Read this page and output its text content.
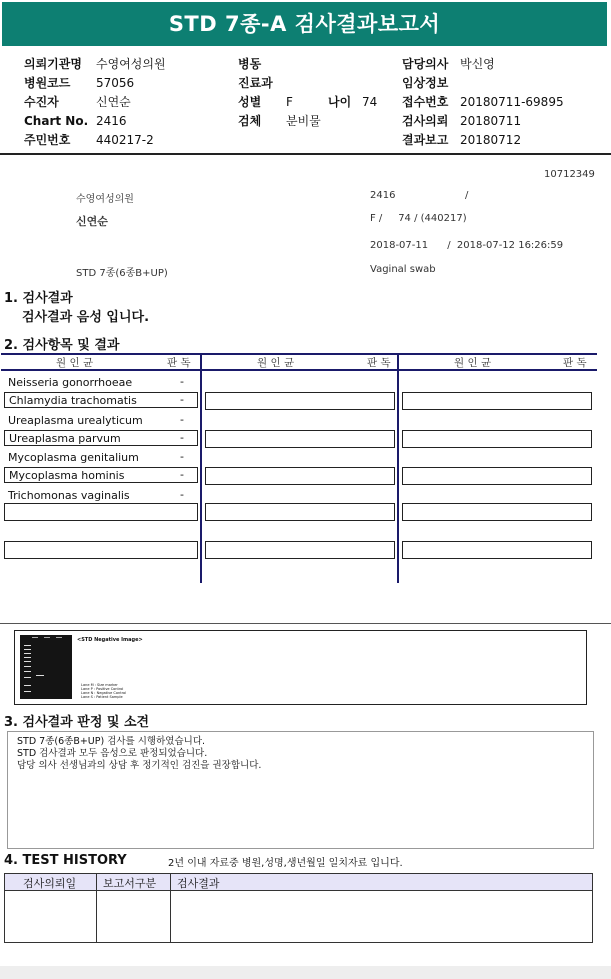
STD 7종-A 검사결과보고서
의뢰기관명	수영여성의원
병원코드	57056
수진자	신연순
Chart No. 2416
주민번호	440217-2
병동
진료과
성별	F	나이 74
검체	분비물
담당의사 박신영
임상정보
접수번호 20180711-69895
검사의뢰 20180711
결과보고 20180712
10712349
수영여성의원	2416	/
신연순	F /     74 / (440217)
2018-07-11      /  2018-07-12 16:26:59
STD 7종(6종B+UP)	Vaginal swab
1. 검사결과
검사결과 음성 입니다.
2. 검사항목 및 결과
원 인 균	판 독	원 인 균	판 독	원 인 균	판 독
Neisseria gonorrhoeae	-
Chlamydia trachomatis	-
Ureaplasma urealyticum	-
Ureaplasma parvum	-
Mycoplasma genitalium	-
Mycoplasma hominis	-
Trichomonas vaginalis	-
<STD Negative Image>
Lane M : Size marker
Lane P : Positive Control
Lane N : Negative Control
Lane S : Patient Sample
3. 검사결과 판정 및 소견
STD 7종(6종B+UP) 검사를 시행하였습니다.
STD 검사결과 모두 음성으로 판정되었습니다.
담당 의사 선생님과의 상담 후 정기적인 검진을 권장합니다.
4. TEST HISTORY	2년 이내 자료중 병원,성명,생년월일 일치자료 입니다.
검사의뢰일 보고서구분 검사결과
